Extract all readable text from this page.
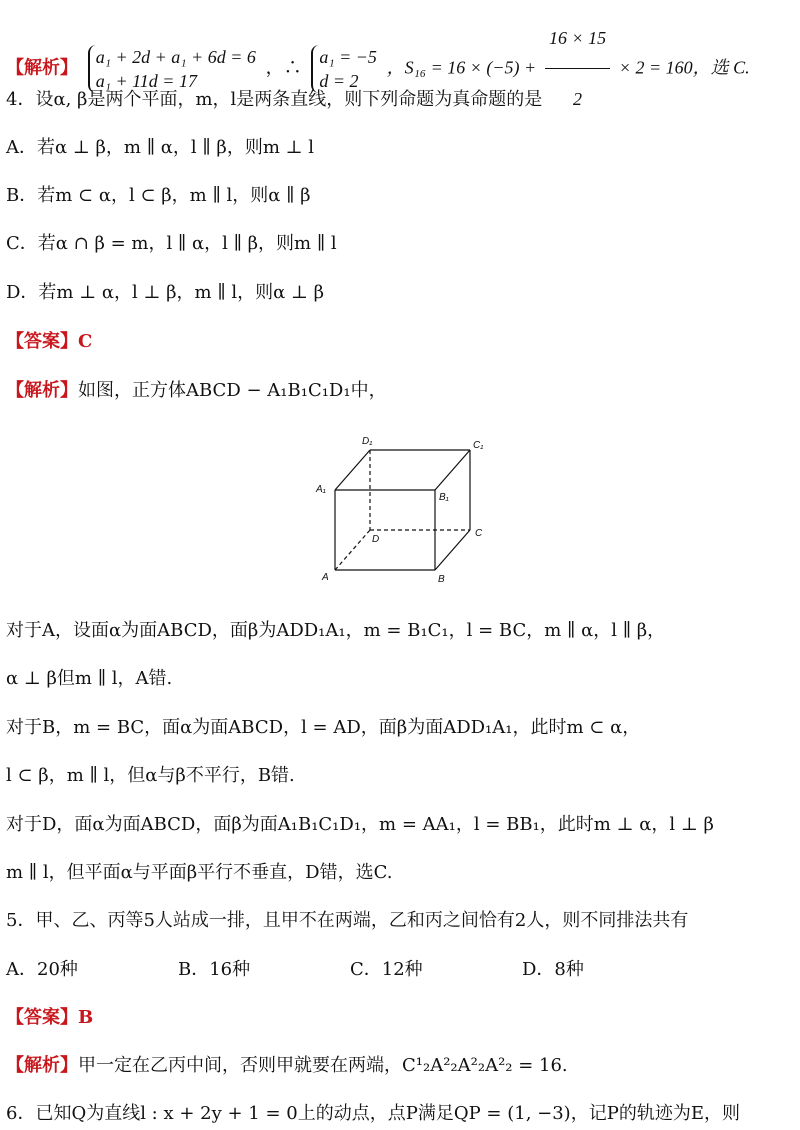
【解析】
a₁ + 2d + a₁ + 6d = 6
a₁ + 11d = 17
，∴
a₁ = −5
d = 2
，$S_{16} = 16 \times (-5) + \frac{16 \times 15}{2} \times 2 = 160$，选 C.
4．设α, β是两个平面，m，l是两条直线，则下列命题为真命题的是
A．若α ⊥ β，m ∥ α，l ∥ β，则m ⊥ l
B．若m ⊂ α，l ⊂ β，m ∥ l，则α ∥ β
C．若α ∩ β = m，l ∥ α，l ∥ β，则m ∥ l
D．若m ⊥ α，l ⊥ β，m ∥ l，则α ⊥ β
【答案】C
【解析】如图，正方体ABCD − A₁B₁C₁D₁中，
A	B
C
D
A₁
B₁
C₁
D₁
对于A，设面α为面ABCD，面β为ADD₁A₁，m = B₁C₁，l = BC，m ∥ α，l ∥ β，
α ⊥ β但m ∥ l，A错.
对于B，m = BC，面α为面ABCD，l = AD，面β为面ADD₁A₁，此时m ⊂ α，
l ⊂ β，m ∥ l，但α与β不平行，B错.
对于D，面α为面ABCD，面β为面A₁B₁C₁D₁，m = AA₁，l = BB₁，此时m ⊥ α，l ⊥ β
m ∥ l，但平面α与平面β平行不垂直，D错，选C.
5．甲、乙、丙等5人站成一排，且甲不在两端，乙和丙之间恰有2人，则不同排法共有
A．20种	B．16种	C．12种	D．8种
【答案】B
【解析】甲一定在乙丙中间，否则甲就要在两端，C¹₂A²₂A²₂A²₂ = 16.
6．已知Q为直线l : x + 2y + 1 = 0上的动点，点P满足QP = (1, −3)，记P的轨迹为E，则
